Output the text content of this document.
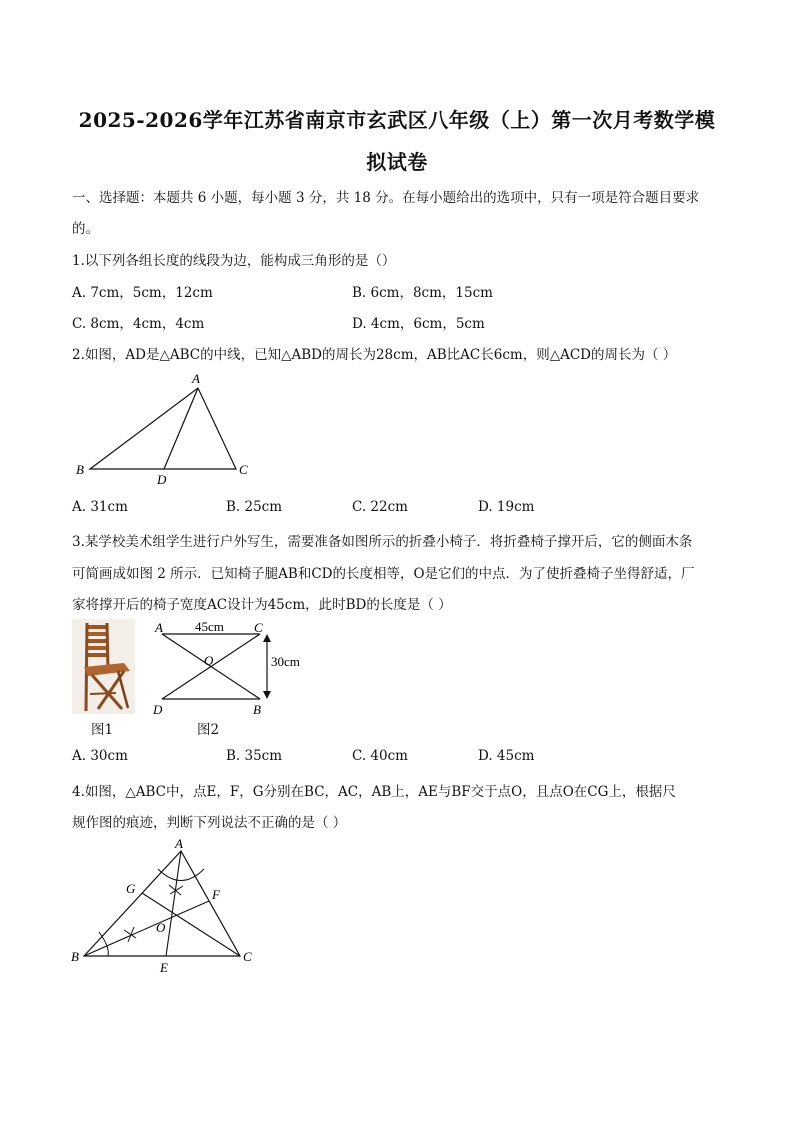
2025-2026学年江苏省南京市玄武区八年级（上）第一次月考数学模
拟试卷
一、选择题：本题共 6 小题，每小题 3 分，共 18 分。在每小题给出的选项中，只有一项是符合题目要求
的。
1.以下列各组长度的线段为边，能构成三角形的是（）
A. 7cm，5cm，12cm	B. 6cm，8cm，15cm
C. 8cm，4cm，4cm	D. 4cm，6cm，5cm
2.如图，AD是△ABC的中线，已知△ABD的周长为28cm，AB比AC长6cm，则△ACD的周长为（ ）
A
B	C
D
A. 31cm	B. 25cm	C. 22cm	D. 19cm
3.某学校美术组学生进行户外写生，需要准备如图所示的折叠小椅子．将折叠椅子撑开后，它的侧面木条
可简画成如图 2 所示．已知椅子腿AB和CD的长度相等，O是它们的中点．为了使折叠椅子坐得舒适，厂
家将撑开后的椅子宽度AC设计为45cm，此时BD的长度是（ ）
图1
A	C
O
D	B
45cm
30cm
图2
A. 30cm	B. 35cm	C. 40cm	D. 45cm
4.如图，△ABC中，点E，F，G分别在BC，AC，AB上，AE与BF交于点O，且点O在CG上，根据尺
规作图的痕迹，判断下列说法不正确的是（ ）
A
B	C
E
F
G
O
